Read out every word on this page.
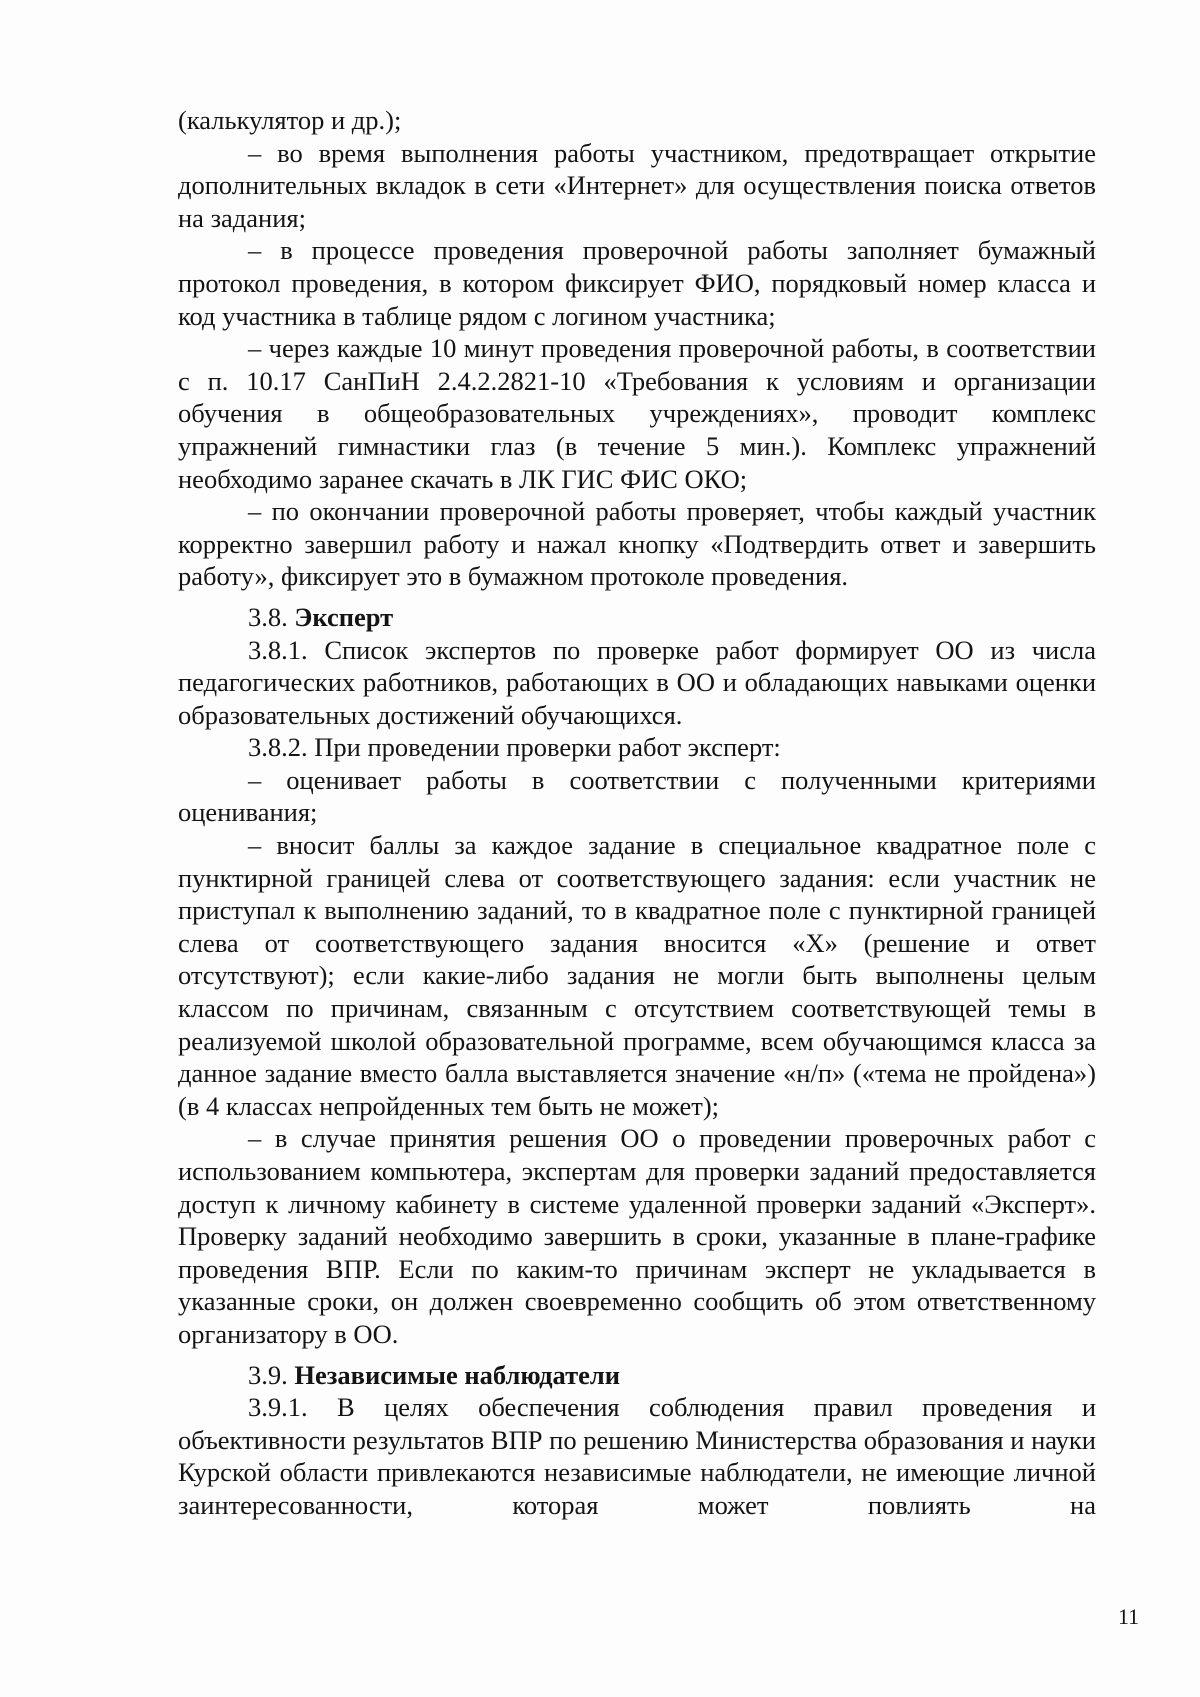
(калькулятор и др.);

– во время выполнения работы участником, предотвращает открытие дополнительных вкладок в сети «Интернет» для осуществления поиска ответов на задания;

– в процессе проведения проверочной работы заполняет бумажный протокол проведения, в котором фиксирует ФИО, порядковый номер класса и код участника в таблице рядом с логином участника;

– через каждые 10 минут проведения проверочной работы, в соответствии с п. 10.17 СанПиН 2.4.2.2821-10 «Требования к условиям и организации обучения в общеобразовательных учреждениях», проводит комплекс упражнений гимнастики глаз (в течение 5 мин.). Комплекс упражнений необходимо заранее скачать в ЛК ГИС ФИС ОКО;

– по окончании проверочной работы проверяет, чтобы каждый участник корректно завершил работу и нажал кнопку «Подтвердить ответ и завершить работу», фиксирует это в бумажном протоколе проведения.

3.8. Эксперт

3.8.1. Список экспертов по проверке работ формирует ОО из числа педагогических работников, работающих в ОО и обладающих навыками оценки образовательных достижений обучающихся.

3.8.2. При проведении проверки работ эксперт:

– оценивает работы в соответствии с полученными критериями оценивания;

– вносит баллы за каждое задание в специальное квадратное поле с пунктирной границей слева от соответствующего задания: если участник не приступал к выполнению заданий, то в квадратное поле с пунктирной границей слева от соответствующего задания вносится «Х» (решение и ответ отсутствуют); если какие-либо задания не могли быть выполнены целым классом по причинам, связанным с отсутствием соответствующей темы в реализуемой школой образовательной программе, всем обучающимся класса за данное задание вместо балла выставляется значение «н/п» («тема не пройдена») (в 4 классах непройденных тем быть не может);

– в случае принятия решения ОО о проведении проверочных работ с использованием компьютера, экспертам для проверки заданий предоставляется доступ к личному кабинету в системе удаленной проверки заданий «Эксперт». Проверку заданий необходимо завершить в сроки, указанные в плане-графике проведения ВПР. Если по каким-то причинам эксперт не укладывается в указанные сроки, он должен своевременно сообщить об этом ответственному организатору в ОО.

3.9. Независимые наблюдатели

3.9.1. В целях обеспечения соблюдения правил проведения и объективности результатов ВПР по решению Министерства образования и науки Курской области привлекаются независимые наблюдатели, не имеющие личной заинтересованности, которая может повлиять на

11
